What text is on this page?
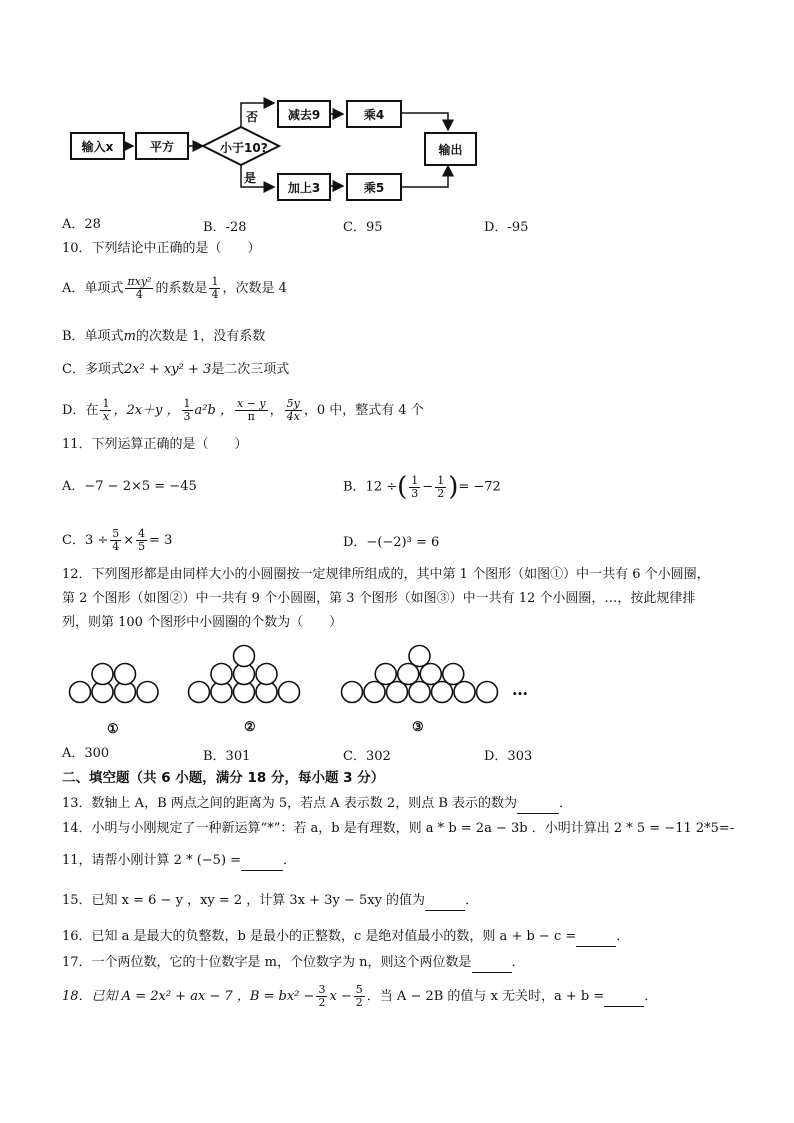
输入x	平方	小于10?
否
是
减去9	乘4
加上3	乘5
输出
A．28	B．-28	C．95	D．-95
10．下列结论中正确的是（　　）
A．单项式 $\frac{\text{πxy²}}{4}$ 的系数是 $\frac{1}{4}$ ，次数是 4
B．单项式m的次数是 1，没有系数
C．多项式2x² + xy² + 3是二次三项式
D．在 $\frac{1}{x}$ ，2x＋y ， $\frac{1}{3} a^2b$ ， $\frac{x - y}{\pi}$ ， $\frac{5y}{4x}$ ，0 中，整式有 4 个
11．下列运算正确的是（　　）
A．−7 − 2×5 = −45	B．12 ÷( $\frac{1}{3} - \frac{1}{2}$ )= −72
C．$3 \div \frac{5}{4} \times \frac{4}{5} = 3$	D．−(−2)³ = 6
12．下列图形都是由同样大小的小圆圈按一定规律所组成的，其中第 1 个图形（如图①）中一共有 6 个小圆圈，
第 2 个图形（如图②）中一共有 9 个小圆圈，第 3 个图形（如图③）中一共有 12 个小圆圈，…，按此规律排
列，则第 100 个图形中小圆圈的个数为（　　）
①	②	③
…
A．300	B．301	C．302	D．303
二、填空题（共 6 小题，满分 18 分，每小题 3 分）
13．数轴上 A，B 两点之间的距离为 5，若点 A 表示数 2，则点 B 表示的数为	．
14．小明与小刚规定了一种新运算“*”：若 a，b 是有理数，则 a * b = 2a − 3b ．小明计算出 2 * 5 = −11 2*5=-
11，请帮小刚计算 2 * (−5) =	．
15．已知 x = 6 − y ，xy = 2 ，计算 3x + 3y − 5xy 的值为	．
16．已知 a 是最大的负整数，b 是最小的正整数，c 是绝对值最小的数，则 a + b − c =	．
17．一个两位数，它的十位数字是 m，个位数字为 n，则这个两位数是	．
18．已知 A = 2x² + ax − 7 ，$B = bx^2 - \frac{3}{2}$ $x - \frac{5}{2}$ ．当 A − 2B 的值与 x 无关时，a + b =	．
